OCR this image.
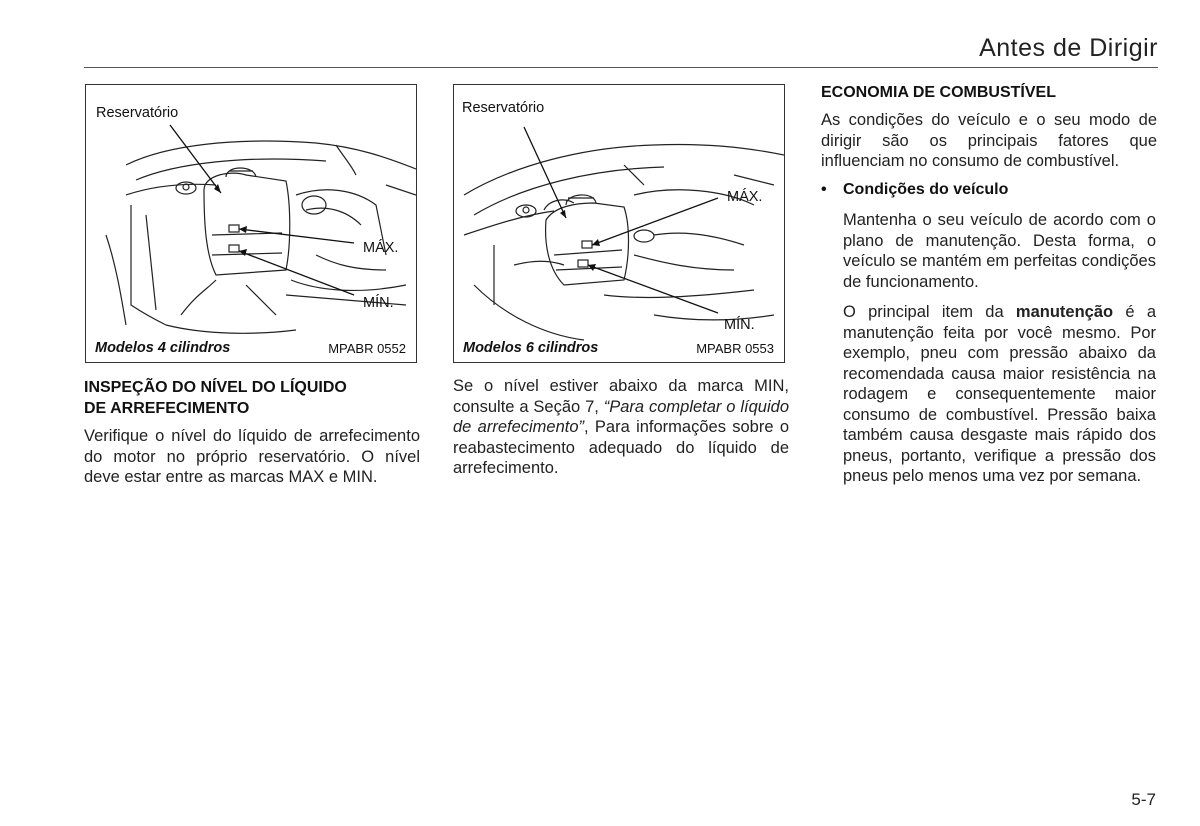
Antes de Dirigir
Reservatório
MÁX.
MÍN.
Modelos 4 cilindros	MPABR 0552
Reservatório
MÁX.
MÍN.
Modelos 6 cilindros	MPABR 0553
INSPEÇÃO DO NÍVEL DO LÍQUIDO
DE ARREFECIMENTO

Verifique o nível do líquido de arrefecimento do motor no próprio reservatório. O nível deve estar entre as marcas MAX e MIN.

Se o nível estiver abaixo da marca MIN, consulte a Seção 7, “Para completar o líquido de arrefecimento”, Para informações sobre o reabastecimento adequado do líquido de arrefecimento.

ECONOMIA DE COMBUSTÍVEL

As condições do veículo e o seu modo de dirigir são os principais fatores que influenciam no consumo de combustível.

• Condições do veículo

Mantenha o seu veículo de acordo com o plano de manutenção. Desta forma, o veículo se mantém em perfeitas condições de funcionamento.

O principal item da manutenção é a manutenção feita por você mesmo. Por exemplo, pneu com pressão abaixo da recomendada causa maior resistência na rodagem e consequentemente maior consumo de combustível. Pressão baixa também causa desgaste mais rápido dos pneus, portanto, verifique a pressão dos pneus pelo menos uma vez por semana.

5-7
